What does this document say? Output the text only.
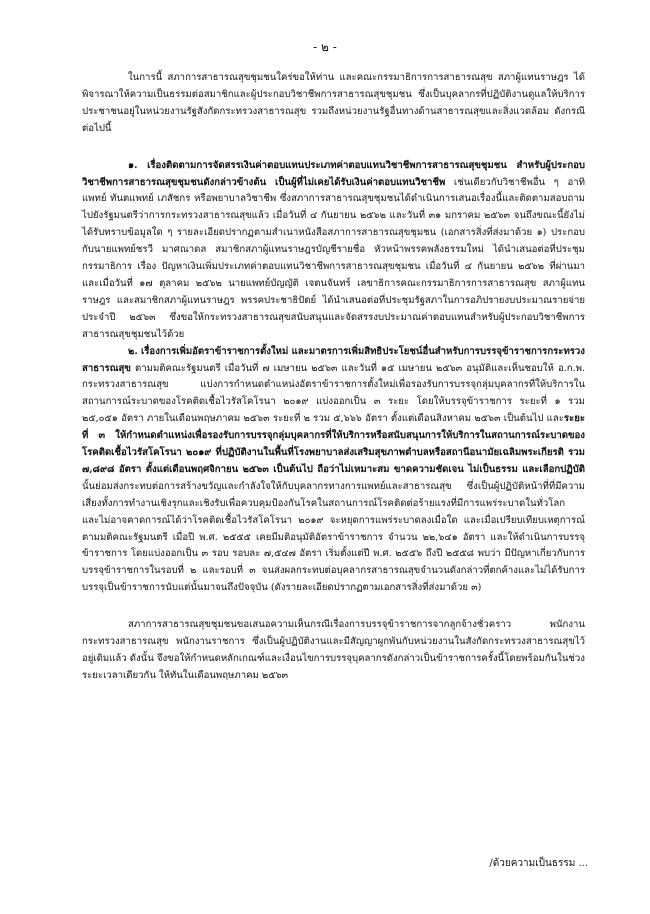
- ๒ -

ในการนี้ สภาการสาธารณสุขชุมชนใคร่ขอให้ท่าน และคณะกรรมาธิการการสาธารณสุข สภาผู้แทนราษฎร ได้พิจารณาให้ความเป็นธรรมต่อสมาชิกและผู้ประกอบวิชาชีพการสาธารณสุขชุมชน ซึ่งเป็นบุคลากรที่ปฏิบัติงานดูแลให้บริการประชาชนอยู่ในหน่วยงานรัฐสังกัดกระทรวงสาธารณสุข รวมถึงหน่วยงานรัฐอื่นทางด้านสาธารณสุขและสิ่งแวดล้อม ดังกรณีต่อไปนี้

๑. เรื่องติดตามการจัดสรรเงินค่าตอบแทนประเภทค่าตอบแทนวิชาชีพการสาธารณสุขชุมชน สำหรับผู้ประกอบวิชาชีพการสาธารณสุขชุมชนดังกล่าวข้างต้น เป็นผู้ที่ไม่เคยได้รับเงินค่าตอบแทนวิชาชีพ เช่นเดียวกับวิชาชีพอื่น ๆ อาทิ แพทย์ ทันตแพทย์ เภสัชกร หรือพยาบาลวิชาชีพ ซึ่งสภาการสาธารณสุขชุมชนได้ดำเนินการเสนอเรื่องนี้และติดตามสอบถามไปยังรัฐมนตรีว่าการกระทรวงสาธารณสุขแล้ว เมื่อวันที่ ๔ กันยายน ๒๕๖๒ และวันที่ ๓๑ มกราคม ๒๕๖๓ จนถึงขณะนี้ยังไม่ได้รับทราบข้อมูลใด ๆ รายละเอียดปรากฏตามสำเนาหนังสือสภาการสาธารณสุขชุมชน (เอกสารสิ่งที่ส่งมาด้วย ๑) ประกอบกับนายแพทย์ชรวี มาศณาดล สมาชิกสภาผู้แทนราษฎรบัญชีรายชื่อ หัวหน้าพรรคพลังธรรมใหม่ ได้นำเสนอต่อที่ประชุมกรรมาธิการ เรื่อง ปัญหาเงินเพิ่มประเภทค่าตอบแทนวิชาชีพการสาธารณสุขชุมชน เมื่อวันที่ ๔ กันยายน ๒๕๖๒ ที่ผ่านมา และเมื่อวันที่ ๑๗ ตุลาคม ๒๕๖๒ นายแพทย์บัญญัติ เจตนจันทร์ เลขาธิการคณะกรรมาธิการการสาธารณสุข สภาผู้แทนราษฎร และสมาชิกสภาผู้แทนราษฎร พรรคประชาธิปัตย์ ได้นำเสนอต่อที่ประชุมรัฐสภาในการอภิปรายงบประมาณรายจ่าย ประจำปี ๒๕๖๓ ซึ่งขอให้กระทรวงสาธารณสุขสนับสนุนและจัดสรรงบประมาณค่าตอบแทนสำหรับผู้ประกอบวิชาชีพการสาธารณสุขชุมชนไว้ด้วย

๒. เรื่องการเพิ่มอัตราข้าราชการตั้งใหม่ และมาตรการเพิ่มสิทธิประโยชน์อื่นสำหรับการบรรจุข้าราชการกระทรวงสาธารณสุข ตามมติคณะรัฐมนตรี เมื่อวันที่ ๗ เมษายน ๒๕๖๓ และวันที่ ๑๕ เมษายน ๒๕๖๓ อนุมัติและเห็นชอบให้ อ.ก.พ. กระทรวงสาธารณสุข แบ่งการกำหนดตำแหน่งอัตราข้าราชการตั้งใหม่เพื่อรองรับการบรรจุกลุ่มบุคลากรที่ให้บริการในสถานการณ์ระบาดของโรคติดเชื้อไวรัสโคโรนา ๒๐๑๙ แบ่งออกเป็น ๓ ระยะ โดยให้บรรจุข้าราชการ ระยะที่ ๑ รวม ๒๕,๐๕๑ อัตรา ภายในเดือนพฤษภาคม ๒๕๖๓ ระยะที่ ๒ รวม ๕,๖๖๖ อัตรา ตั้งแต่เดือนสิงหาคม ๒๕๖๓ เป็นต้นไป และระยะที่ ๓ ให้กำหนดตำแหน่งเพื่อรองรับการบรรจุกลุ่มบุคลากรที่ให้บริการหรือสนับสนุนการให้บริการในสถานการณ์ระบาดของโรคติดเชื้อไวรัสโคโรนา ๒๐๑๙ ที่ปฏิบัติงานในพื้นที่โรงพยาบาลส่งเสริมสุขภาพตำบลหรือสถานีอนามัยเฉลิมพระเกียรติ รวม ๗,๘๙๘ อัตรา ตั้งแต่เดือนพฤศจิกายน ๒๕๖๓ เป็นต้นไป ถือว่าไม่เหมาะสม ขาดความชัดเจน ไม่เป็นธรรม และเลือกปฏิบัติ นั้นย่อมส่งกระทบต่อการสร้างขวัญและกำลังใจให้กับบุคลากรทางการแพทย์และสาธารณสุข ซึ่งเป็นผู้ปฏิบัติหน้าที่ที่มีความเสี่ยงทั้งการทำงานเชิงรุกและเชิงรับเพื่อควบคุมป้องกันโรคในสถานการณ์โรคติดต่อร้ายแรงที่มีการแพร่ระบาดในทั่วโลก และไม่อาจคาดการณ์ได้ว่าโรคติดเชื้อไวรัสโคโรนา ๒๐๑๙ จะหยุดการแพร่ระบาดลงเมื่อใด และเมื่อเปรียบเทียบเหตุการณ์ตามมติคณะรัฐมนตรี เมื่อปี พ.ศ. ๒๕๕๕ เคยมีมติอนุมัติอัตราข้าราชการ จำนวน ๒๒,๖๔๑ อัตรา และให้ดำเนินการบรรจุข้าราชการ โดยแบ่งออกเป็น ๓ รอบ รอบละ ๗,๕๔๗ อัตรา เริ่มตั้งแต่ปี พ.ศ. ๒๕๕๖ ถึงปี ๒๕๕๘ พบว่า มีปัญหาเกี่ยวกับการบรรจุข้าราชการในรอบที่ ๒ และรอบที่ ๓ จนส่งผลกระทบต่อบุคลากรสาธารณสุขจำนวนดังกล่าวที่ตกค้างและไม่ได้รับการบรรจุเป็นข้าราชการนับแต่นั้นมาจนถึงปัจจุบัน (ดังรายละเอียดปรากฏตามเอกสารสิ่งที่ส่งมาด้วย ๓)

สภาการสาธารณสุขชุมชนขอเสนอความเห็นกรณีเรื่องการบรรจุข้าราชการจากลูกจ้างชั่วคราว พนักงานกระทรวงสาธารณสุข พนักงานราชการ ซึ่งเป็นผู้ปฏิบัติงานและมีสัญญาผูกพันกับหน่วยงานในสังกัดกระทรวงสาธารณสุขไว้อยู่เดิมแล้ว ดังนั้น จึงขอให้กำหนดหลักเกณฑ์และเงื่อนไขการบรรจุบุคลากรดังกล่าวเป็นข้าราชการครั้งนี้โดยพร้อมกันในช่วงระยะเวลาเดียวกัน ให้ทันในเดือนพฤษภาคม ๒๕๖๓

/ด้วยความเป็นธรรม ...
